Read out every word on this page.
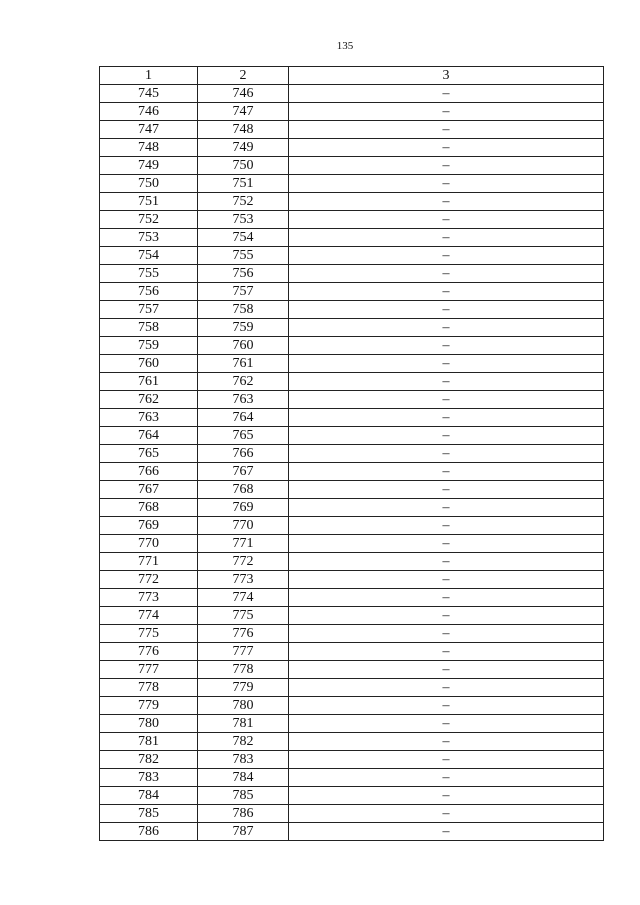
135
1	2	3
745	746	–
746	747	–
747	748	–
748	749	–
749	750	–
750	751	–
751	752	–
752	753	–
753	754	–
754	755	–
755	756	–
756	757	–
757	758	–
758	759	–
759	760	–
760	761	–
761	762	–
762	763	–
763	764	–
764	765	–
765	766	–
766	767	–
767	768	–
768	769	–
769	770	–
770	771	–
771	772	–
772	773	–
773	774	–
774	775	–
775	776	–
776	777	–
777	778	–
778	779	–
779	780	–
780	781	–
781	782	–
782	783	–
783	784	–
784	785	–
785	786	–
786	787	–
